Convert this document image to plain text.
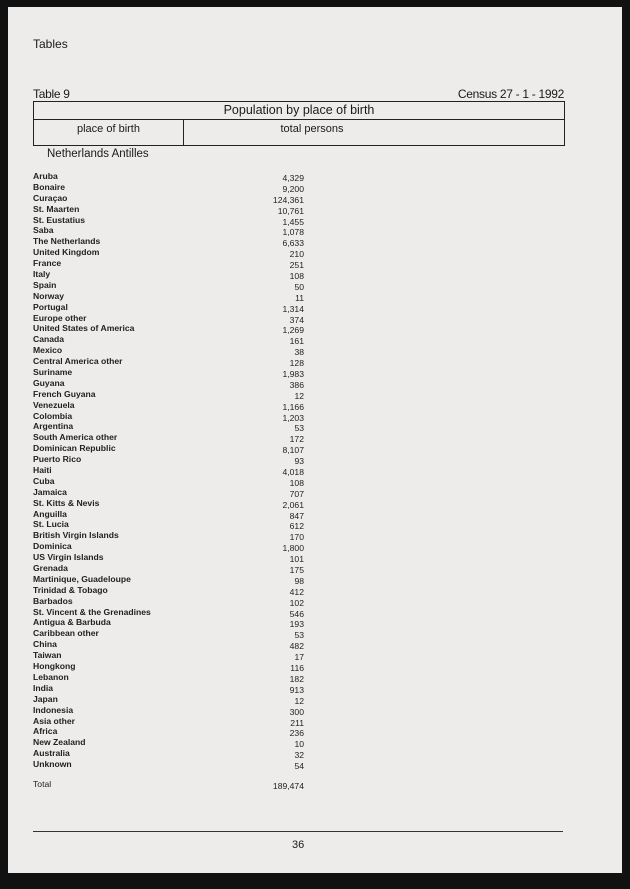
Tables
Table 9	Census 27 - 1 - 1992
Population by place of birth
place of birth	total persons
Netherlands Antilles
Aruba	4,329
Bonaire	9,200
Curaçao	124,361
St. Maarten	10,761
St. Eustatius	1,455
Saba	1,078
The Netherlands	6,633
United Kingdom	210
France	251
Italy	108
Spain	50
Norway	11
Portugal	1,314
Europe other	374
United States of America	1,269
Canada	161
Mexico	38
Central America other	128
Suriname	1,983
Guyana	386
French Guyana	12
Venezuela	1,166
Colombia	1,203
Argentina	53
South America other	172
Dominican Republic	8,107
Puerto Rico	93
Haiti	4,018
Cuba	108
Jamaica	707
St. Kitts & Nevis	2,061
Anguilla	847
St. Lucia	612
British Virgin Islands	170
Dominica	1,800
US Virgin Islands	101
Grenada	175
Martinique, Guadeloupe	98
Trinidad & Tobago	412
Barbados	102
St. Vincent & the Grenadines	546
Antigua & Barbuda	193
Caribbean other	53
China	482
Taiwan	17
Hongkong	116
Lebanon	182
India	913
Japan	12
Indonesia	300
Asia other	211
Africa	236
New Zealand	10
Australia	32
Unknown	54
Total	189,474
36
